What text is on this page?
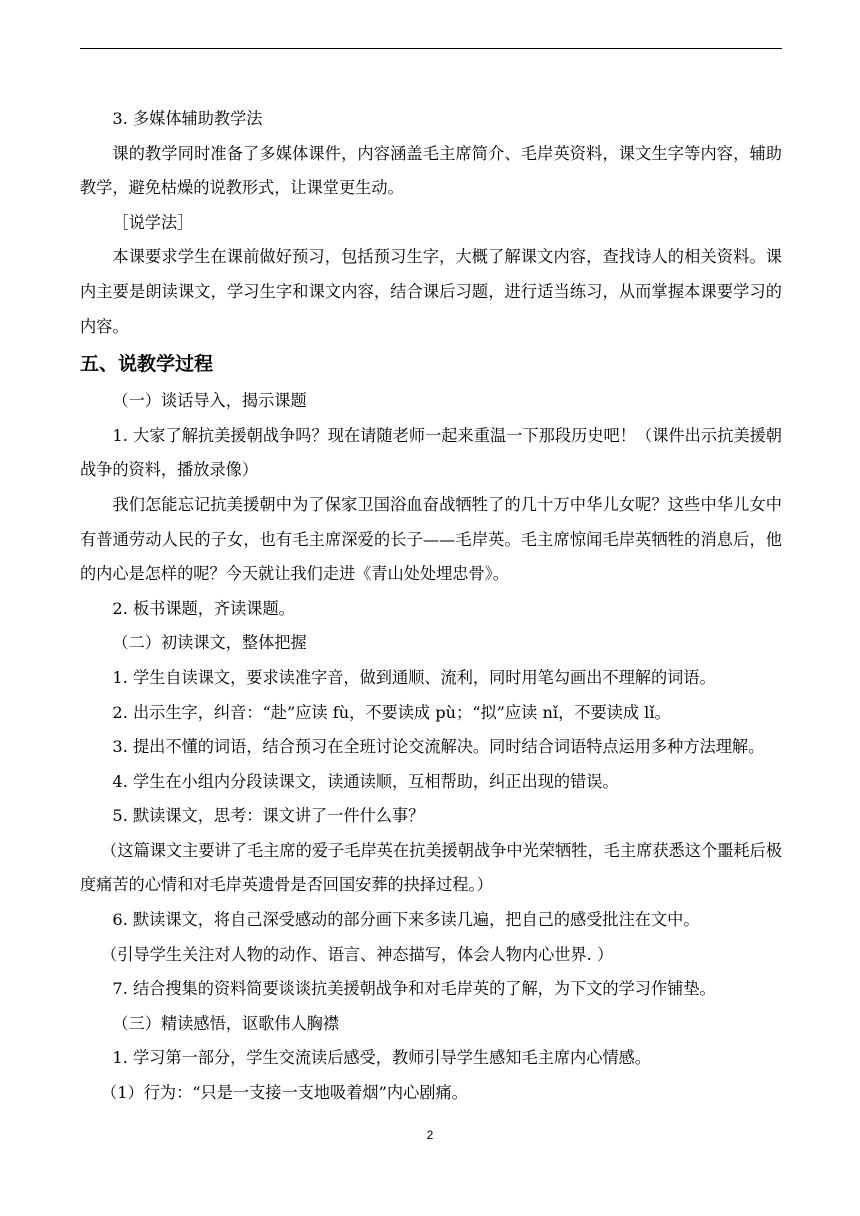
3. 多媒体辅助教学法

课的教学同时准备了多媒体课件，内容涵盖毛主席简介、毛岸英资料，课文生字等内容，辅助教学，避免枯燥的说教形式，让课堂更生动。

［说学法］

本课要求学生在课前做好预习，包括预习生字，大概了解课文内容，查找诗人的相关资料。课内主要是朗读课文，学习生字和课文内容，结合课后习题，进行适当练习，从而掌握本课要学习的内容。

五、说教学过程

（一）谈话导入，揭示课题

1. 大家了解抗美援朝战争吗？现在请随老师一起来重温一下那段历史吧！（课件出示抗美援朝战争的资料，播放录像）

我们怎能忘记抗美援朝中为了保家卫国浴血奋战牺牲了的几十万中华儿女呢？这些中华儿女中有普通劳动人民的子女，也有毛主席深爱的长子——毛岸英。毛主席惊闻毛岸英牺牲的消息后，他的内心是怎样的呢？今天就让我们走进《青山处处埋忠骨》。

2. 板书课题，齐读课题。

（二）初读课文，整体把握

1. 学生自读课文，要求读准字音，做到通顺、流利，同时用笔勾画出不理解的词语。

2. 出示生字，纠音：“赴”应读 fù，不要读成 pù；“拟”应读 nǐ，不要读成 lǐ。

3. 提出不懂的词语，结合预习在全班讨论交流解决。同时结合词语特点运用多种方法理解。

4. 学生在小组内分段读课文，读通读顺，互相帮助，纠正出现的错误。

5. 默读课文，思考：课文讲了一件什么事？

（这篇课文主要讲了毛主席的爱子毛岸英在抗美援朝战争中光荣牺牲，毛主席获悉这个噩耗后极度痛苦的心情和对毛岸英遗骨是否回国安葬的抉择过程。）

6. 默读课文，将自己深受感动的部分画下来多读几遍，把自己的感受批注在文中。

（引导学生关注对人物的动作、语言、神态描写，体会人物内心世界. ）

7. 结合搜集的资料简要谈谈抗美援朝战争和对毛岸英的了解，为下文的学习作铺垫。

（三）精读感悟，讴歌伟人胸襟

1. 学习第一部分，学生交流读后感受，教师引导学生感知毛主席内心情感。

（1）行为：“只是一支接一支地吸着烟”内心剧痛。

2
